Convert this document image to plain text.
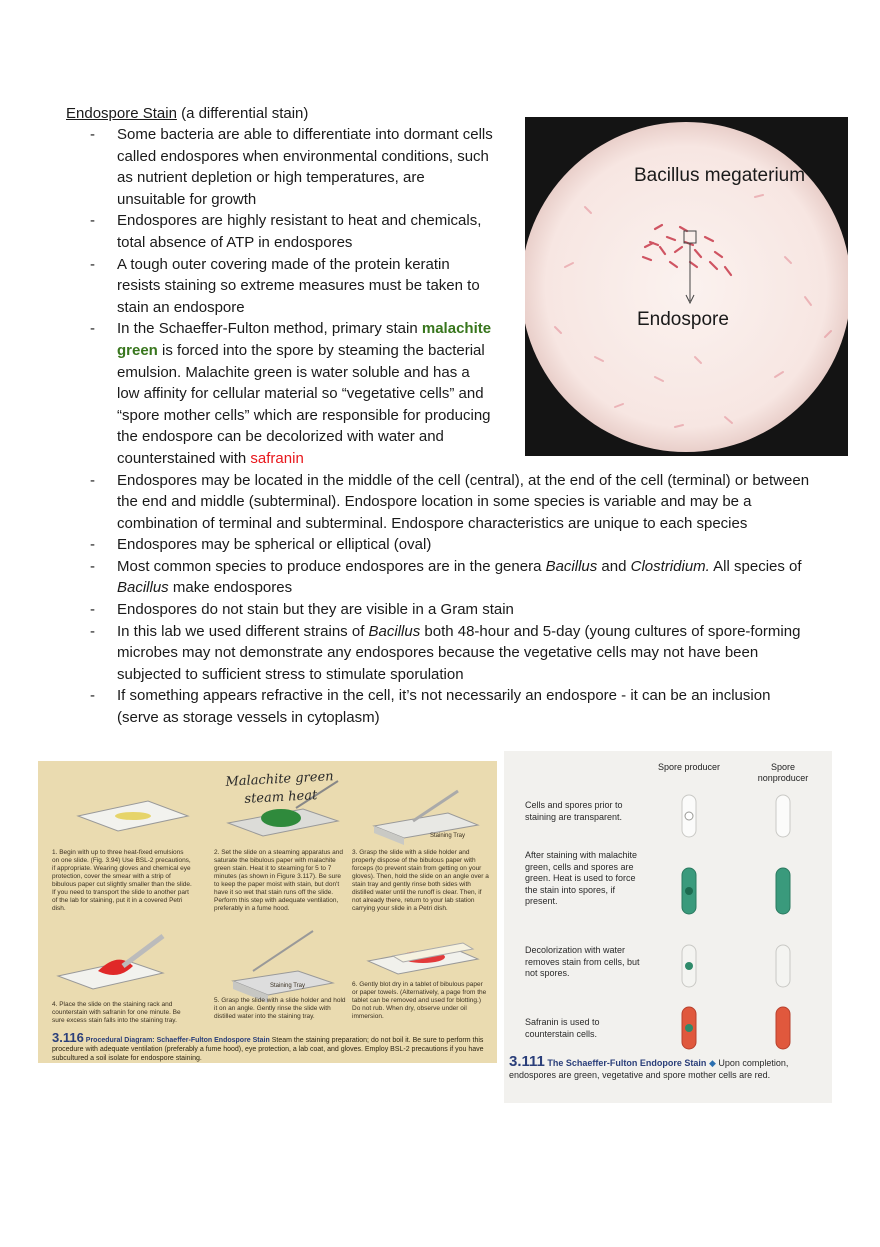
Endospore Stain (a differential stain)
- Some bacteria are able to differentiate into dormant cells called endospores when environmental conditions, such as nutrient depletion or high temperatures, are unsuitable for growth
- Endospores are highly resistant to heat and chemicals, total absence of ATP in endospores
- A tough outer covering made of the protein keratin resists staining so extreme measures must be taken to stain an endospore
- In the Schaeffer-Fulton method, primary stain malachite green is forced into the spore by steaming the bacterial emulsion. Malachite green is water soluble and has a low affinity for cellular material so “vegetative cells” and “spore mother cells” which are responsible for producing the endospore can be decolorized with water and counterstained with safranin
- Endospores may be located in the middle of the cell (central), at the end of the cell (terminal) or between the end and middle (subterminal). Endospore location in some species is variable and may be a combination of terminal and subterminal. Endospore characteristics are unique to each species
- Endospores may be spherical or elliptical (oval)
- Most common species to produce endospores are in the genera Bacillus and Clostridium. All species of Bacillus make endospores
- Endospores do not stain but they are visible in a Gram stain
- In this lab we used different strains of Bacillus both 48-hour and 5-day (young cultures of spore-forming microbes may not demonstrate any endospores because the vegetative cells may not have been subjected to sufficient stress to stimulate sporulation
- If something appears refractive in the cell, it’s not necessarily an endospore - it can be an inclusion (serve as storage vessels in cytoplasm)
Bacillus megaterium
Endospore
Malachite green
steam heat
Staining Tray
Staining Tray
1. Begin with up to three heat-fixed emulsions on one slide. (Fig. 3.94) Use BSL-2 precautions, if appropriate. Wearing gloves and chemical eye protection, cover the smear with a strip of bibulous paper cut slightly smaller than the slide. If you need to transport the slide to another part of the lab for staining, put it in a covered Petri dish.
2. Set the slide on a steaming apparatus and saturate the bibulous paper with malachite green stain. Heat it to steaming for 5 to 7 minutes (as shown in Figure 3.117). Be sure to keep the paper moist with stain, but don't have it so wet that stain runs off the slide. Perform this step with adequate ventilation, preferably in a fume hood.
3. Grasp the slide with a slide holder and properly dispose of the bibulous paper with forceps (to prevent stain from getting on your gloves). Then, hold the slide on an angle over a stain tray and gently rinse both sides with distilled water until the runoff is clear. Then, if not already there, return to your lab station carrying your slide in a Petri dish.
4. Place the slide on the staining rack and counterstain with safranin for one minute. Be sure excess stain falls into the staining tray.
5. Grasp the slide with a slide holder and hold it on an angle. Gently rinse the slide with distilled water into the staining tray.
6. Gently blot dry in a tablet of bibulous paper or paper towels. (Alternatively, a page from the tablet can be removed and used for blotting.) Do not rub. When dry, observe under oil immersion.
3.116 Procedural Diagram: Schaeffer-Fulton Endospore Stain Steam the staining preparation; do not boil it. Be sure to perform this procedure with adequate ventilation (preferably a fume hood), eye protection, a lab coat, and gloves. Employ BSL-2 precautions if you have subcultured a soil isolate for endospore staining.
Spore producer	Spore nonproducer
Cells and spores prior to staining are transparent.
After staining with malachite green, cells and spores are green. Heat is used to force the stain into spores, if present.
Decolorization with water removes stain from cells, but not spores.
Safranin is used to counterstain cells.
3.111 The Schaeffer-Fulton Endopore Stain ◆ Upon completion, endospores are green, vegetative and spore mother cells are red.
